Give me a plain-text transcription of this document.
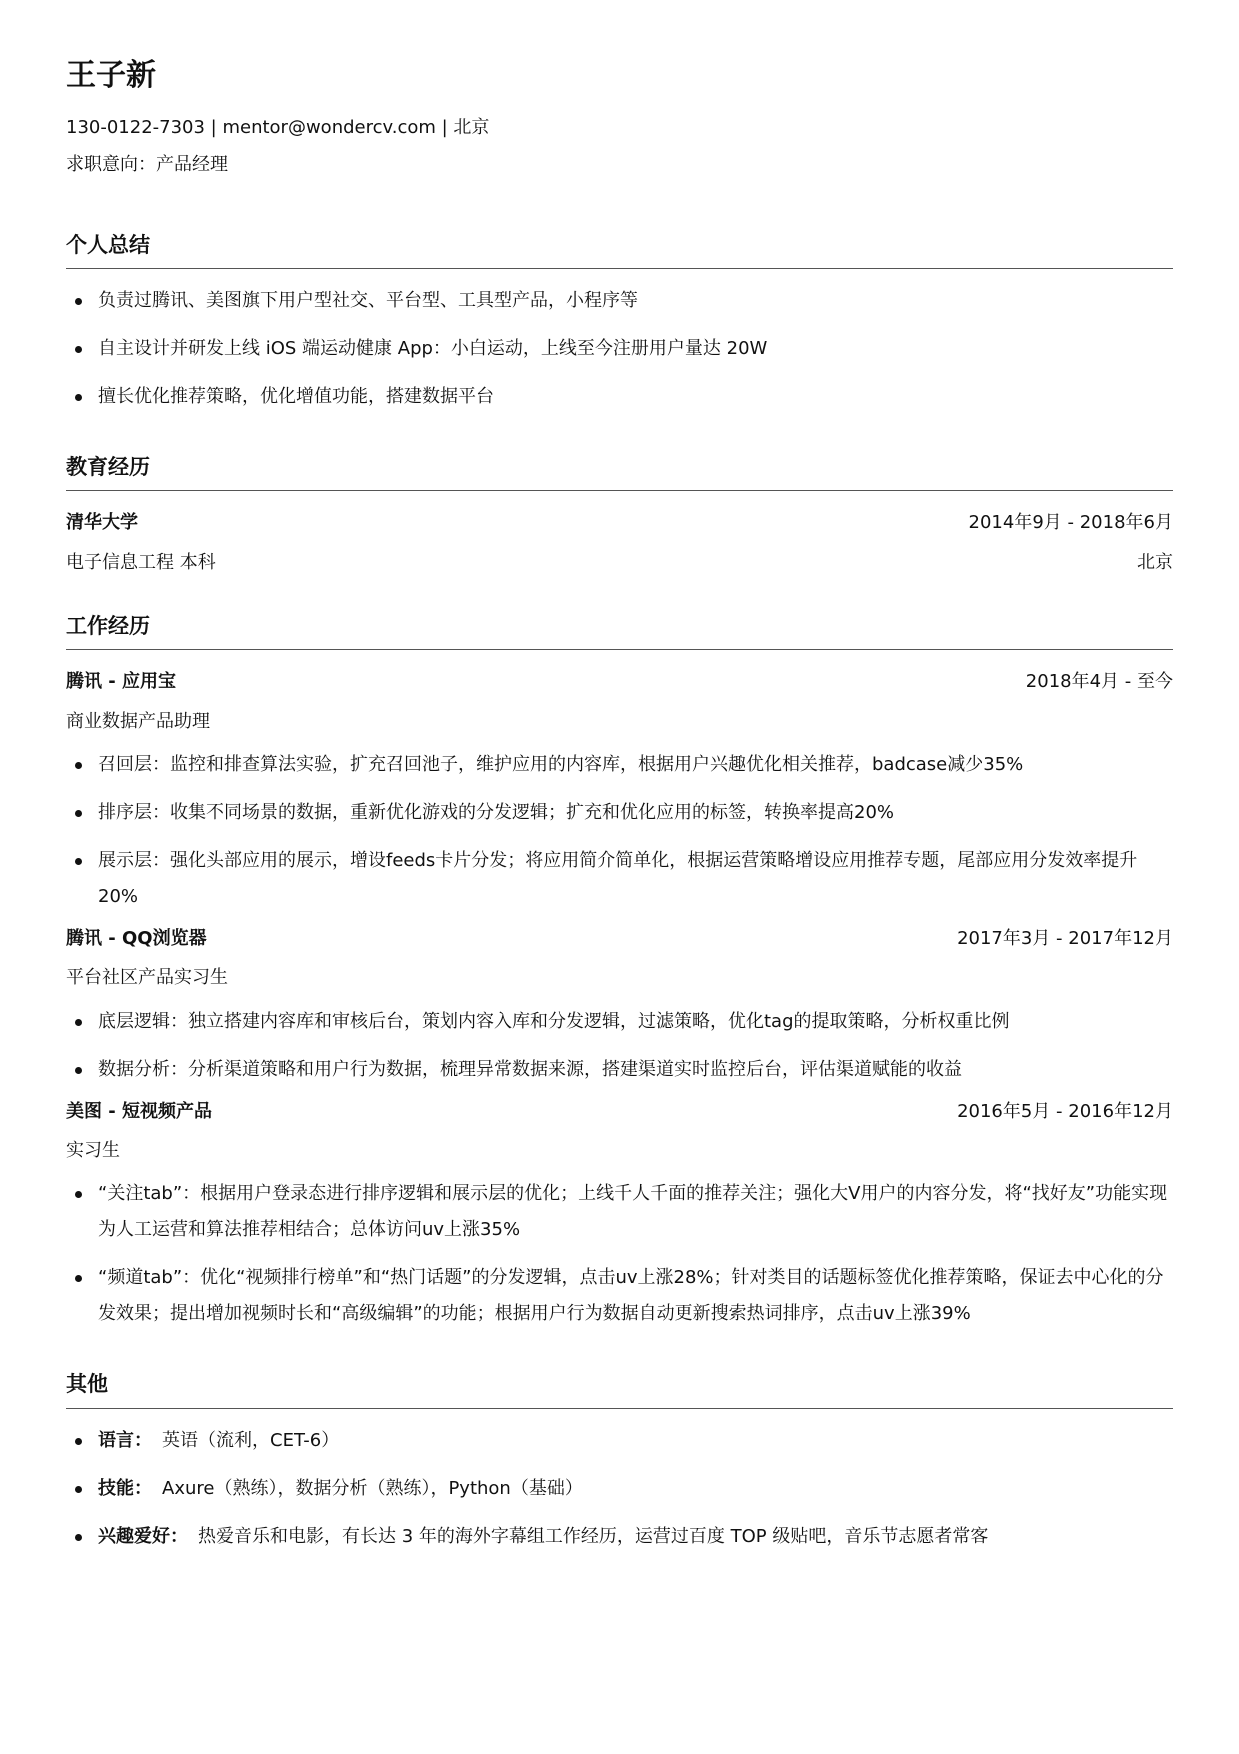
王子新
130-0122-7303 | mentor@wondercv.com | 北京
求职意向：产品经理
个人总结
负责过腾讯、美图旗下用户型社交、平台型、工具型产品，小程序等
自主设计并研发上线 iOS 端运动健康 App：小白运动，上线至今注册用户量达 20W
擅长优化推荐策略，优化增值功能，搭建数据平台
教育经历
清华大学	2014年9月 - 2018年6月
电子信息工程 本科	北京
工作经历
腾讯 - 应用宝	2018年4月 - 至今
商业数据产品助理
召回层：监控和排查算法实验，扩充召回池子，维护应用的内容库，根据用户兴趣优化相关推荐，badcase减少35%
排序层：收集不同场景的数据，重新优化游戏的分发逻辑；扩充和优化应用的标签，转换率提高20%
展示层：强化头部应用的展示，增设feeds卡片分发；将应用简介简单化，根据运营策略增设应用推荐专题，尾部应用分发效率提升 20%
腾讯 - QQ浏览器	2017年3月 - 2017年12月
平台社区产品实习生
底层逻辑：独立搭建内容库和审核后台，策划内容入库和分发逻辑，过滤策略，优化tag的提取策略，分析权重比例
数据分析：分析渠道策略和用户行为数据，梳理异常数据来源，搭建渠道实时监控后台，评估渠道赋能的收益
美图 - 短视频产品	2016年5月 - 2016年12月
实习生
“关注tab”：根据用户登录态进行排序逻辑和展示层的优化；上线千人千面的推荐关注；强化大V用户的内容分发，将“找好友”功能实现为人工运营和算法推荐相结合；总体访问uv上涨35%
“频道tab”：优化“视频排行榜单”和“热门话题”的分发逻辑，点击uv上涨28%；针对类目的话题标签优化推荐策略，保证去中心化的分发效果；提出增加视频时长和“高级编辑”的功能；根据用户行为数据自动更新搜索热词排序，点击uv上涨39%
其他
语言： 英语（流利，CET-6）
技能： Axure（熟练），数据分析（熟练），Python（基础）
兴趣爱好： 热爱音乐和电影，有长达 3 年的海外字幕组工作经历，运营过百度 TOP 级贴吧，音乐节志愿者常客
